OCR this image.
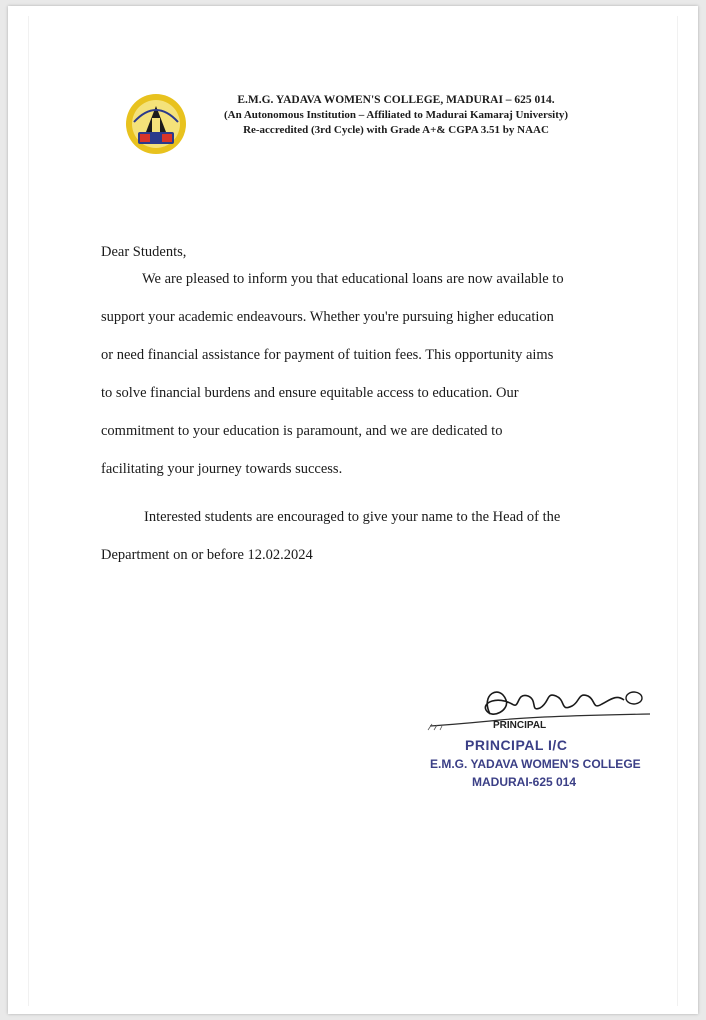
E.M.G. YADAVA WOMEN'S COLLEGE, MADURAI – 625 014.
(An Autonomous Institution – Affiliated to Madurai Kamaraj University)
Re-accredited (3rd Cycle) with Grade A+& CGPA 3.51 by NAAC
Dear Students,
We are pleased to inform you that educational loans are now available to
support your academic endeavours. Whether you're pursuing higher education
or need financial assistance for payment of tuition fees. This opportunity aims
to solve financial burdens and ensure equitable access to education. Our
commitment to your education is paramount, and we are dedicated to
facilitating your journey towards success.
Interested students are encouraged to give your name to the Head of the
Department on or before 12.02.2024
PRINCIPAL
PRINCIPAL I/C
E.M.G. YADAVA WOMEN'S COLLEGE
MADURAI-625 014
